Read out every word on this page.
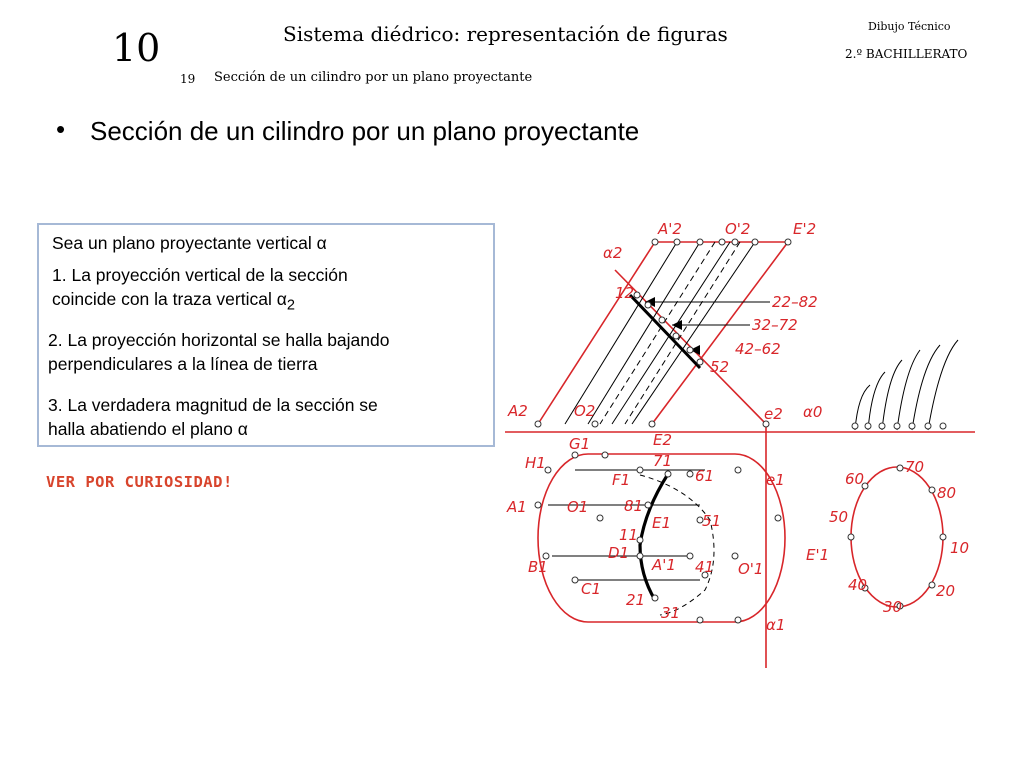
10	Sistema diédrico: representación de figuras	Dibujo Técnico
2.º BACHILLERATO
19 Sección de un cilindro por un plano proyectante
• Sección de un cilindro por un plano proyectante
A'2	O'2	E'2
α2
12	22–82
32–72
42–62
52
A2	O2	e2 α0
G1	E2
H1	71
61	e1
F1
81
A1	O1
E1 51
11
D1
B1	A'1 41 O'1
E'1
C1
21
31
α1
70
60
80
50
10
40	20
30
Sea un plano proyectante vertical α
1. La proyección vertical de la sección
coincide con la traza vertical $\alpha_2$
2. La proyección horizontal se halla bajando
perpendiculares a la línea de tierra
3. La verdadera magnitud de la sección se
halla abatiendo el plano α
VER POR CURIOSIDAD!
